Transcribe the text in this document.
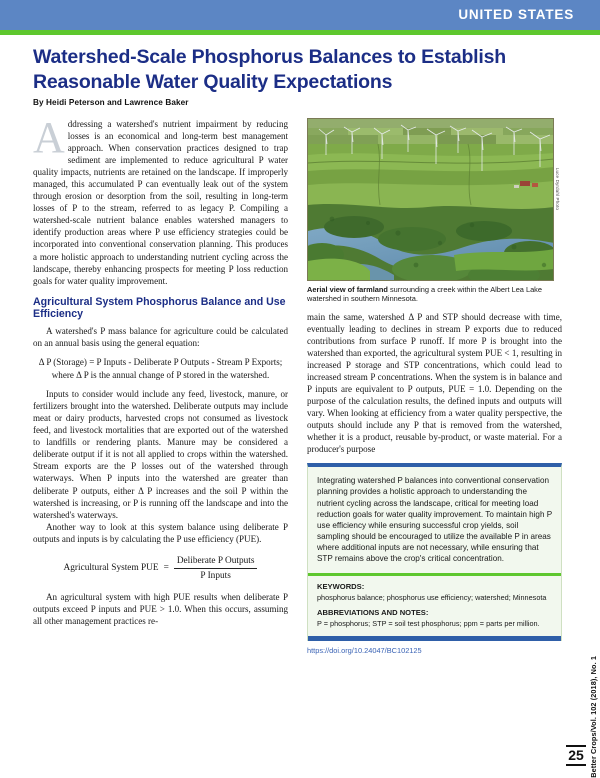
UNITED STATES
Watershed-Scale Phosphorus Balances to Establish Reasonable Water Quality Expectations
By Heidi Peterson and Lawrence Baker
A ddressing a watershed's nutrient impairment by reducing losses is an economical and long-term best management approach. When conservation practices designed to trap sediment are implemented to reduce agricultural P water quality impacts, nutrients are retained on the landscape. If improperly managed, this accumulated P can eventually leak out of the system through erosion or desorption from the soil, resulting in long-term losses of P to the stream, referred to as legacy P. Compiling a watershed-scale nutrient balance enables watershed managers to identify production areas where P use efficiency strategies could be incorporated into conventional conservation planning. This produces a more holistic approach to understanding nutrient cycling across the landscape, thereby enhancing prospects for meeting P loss reduction goals for water quality improvement.

Agricultural System Phosphorus Balance and Use Efficiency

A watershed's P mass balance for agriculture could be calculated on an annual basis using the general equation:

Δ P (Storage) = P Inputs - Deliberate P Outputs - Stream P Exports; where Δ P is the annual change of P stored in the watershed.

Inputs to consider would include any feed, livestock, manure, or fertilizers brought into the watershed. Deliberate outputs may include meat or dairy products, harvested crops not consumed as livestock feed, and livestock mortalities that are exported out of the watershed to landfills or rendering plants. Manure may be considered a deliberate output if it is not all applied to crops within the watershed. Stream exports are the P losses out of the watershed through waterways. When P inputs into the watershed are greater than deliberate P outputs, either Δ P increases and the soil P within the watershed is increasing, or P is running off the landscape and into the watershed's waterways.

Another way to look at this system balance using deliberate P outputs and inputs is by calculating the P use efficiency (PUE).

Agricultural System PUE = $\frac{\text{Deliberate P Outputs}}{\text{P Inputs}}$

An agricultural system with high PUE results when deliberate P outputs exceed P inputs and PUE > 1.0. When this occurs, assuming all other management practices re-

Luce Dyrdahl Photo
Aerial view of farmland surrounding a creek within the Albert Lea Lake watershed in southern Minnesota.

main the same, watershed Δ P and STP should decrease with time, eventually leading to declines in stream P exports due to reduced contributions from surface P runoff. If more P is brought into the watershed than exported, the agricultural system PUE < 1, resulting in increased P storage and STP concentrations, which could lead to increased stream P concentrations. When the system is in balance and P inputs are equivalent to P outputs, PUE = 1.0. Depending on the purpose of the calculation results, the defined inputs and outputs will vary. When looking at efficiency from a water quality perspective, the outputs should include any P that is removed from the watershed, whether it is a product, reusable by-product, or waste material. For a producer's purpose

Integrating watershed P balances into conventional conservation planning provides a holistic approach to understanding the nutrient cycling across the landscape, critical for meeting load reduction goals for water quality improvement. To maintain high P use efficiency while ensuring successful crop yields, soil sampling should be encouraged to utilize the available P in areas where additional inputs are not necessary, while ensuring that STP remains above the crop's critical concentration.
KEYWORDS:
phosphorus balance; phosphorus use efficiency; watershed; Minnesota
ABBREVIATIONS AND NOTES:
P = phosphorus; STP = soil test phosphorus; ppm = parts per million.
https://doi.org/10.24047/BC102125
Better Crops/Vol. 102 (2018), No. 1
25
